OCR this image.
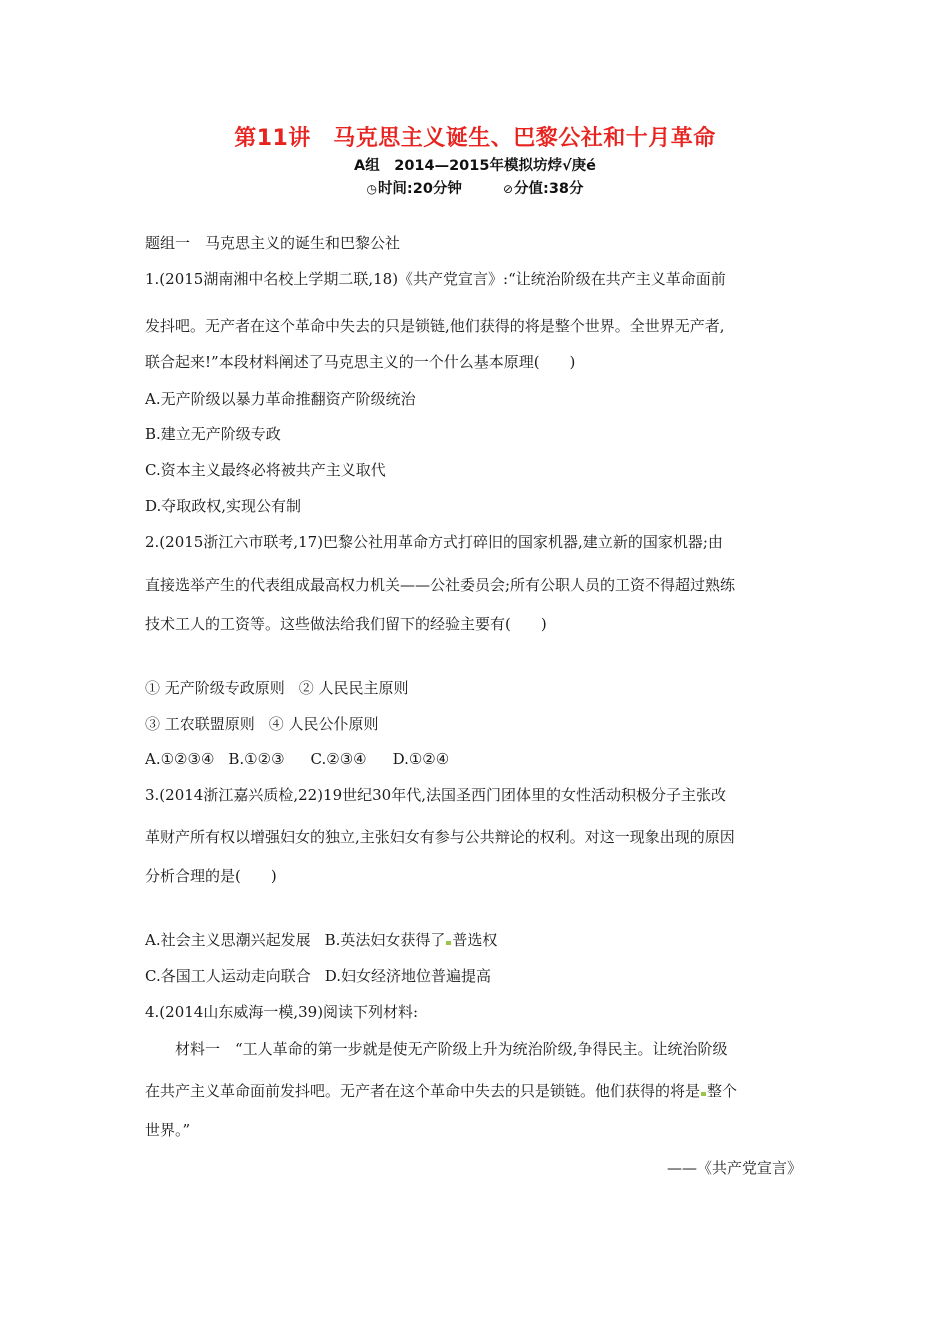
第11讲　马克思主义诞生、巴黎公社和十月革命
A组　2014—2015年模拟坊㶿√庚é
◷时间:20分钟	⊘分值:38分
题组一　马克思主义的诞生和巴黎公社
1.(2015湖南湘中名校上学期二联,18)《共产党宣言》:“让统治阶级在共产主义革命面前
发抖吧。无产者在这个革命中失去的只是锁链,他们获得的将是整个世界。全世界无产者,
联合起来!”本段材料阐述了马克思主义的一个什么基本原理(　　)
A.无产阶级以暴力革命推翻资产阶级统治
B.建立无产阶级专政
C.资本主义最终必将被共产主义取代
D.夺取政权,实现公有制
2.(2015浙江六市联考,17)巴黎公社用革命方式打碎旧的国家机器,建立新的国家机器;由
直接选举产生的代表组成最高权力机关——公社委员会;所有公职人员的工资不得超过熟练
技术工人的工资等。这些做法给我们留下的经验主要有(　　)
① 无产阶级专政原则 ② 人民民主原则
③ 工农联盟原则 ④ 人民公仆原则
A.①②③④ B.①②③ C.②③④ D.①②④
3.(2014浙江嘉兴质检,22)19世纪30年代,法国圣西门团体里的女性活动积极分子主张改
革财产所有权以增强妇女的独立,主张妇女有参与公共辩论的权利。对这一现象出现的原因
分析合理的是(　　)
A.社会主义思潮兴起发展 B.英法妇女获得了 普选权
C.各国工人运动走向联合 D.妇女经济地位普遍提高
4.(2014山东威海一模,39)阅读下列材料:
材料一　“工人革命的第一步就是使无产阶级上升为统治阶级,争得民主。让统治阶级
在共产主义革命面前发抖吧。无产者在这个革命中失去的只是锁链。他们获得的将是 整个
世界。”
——《共产党宣言》
